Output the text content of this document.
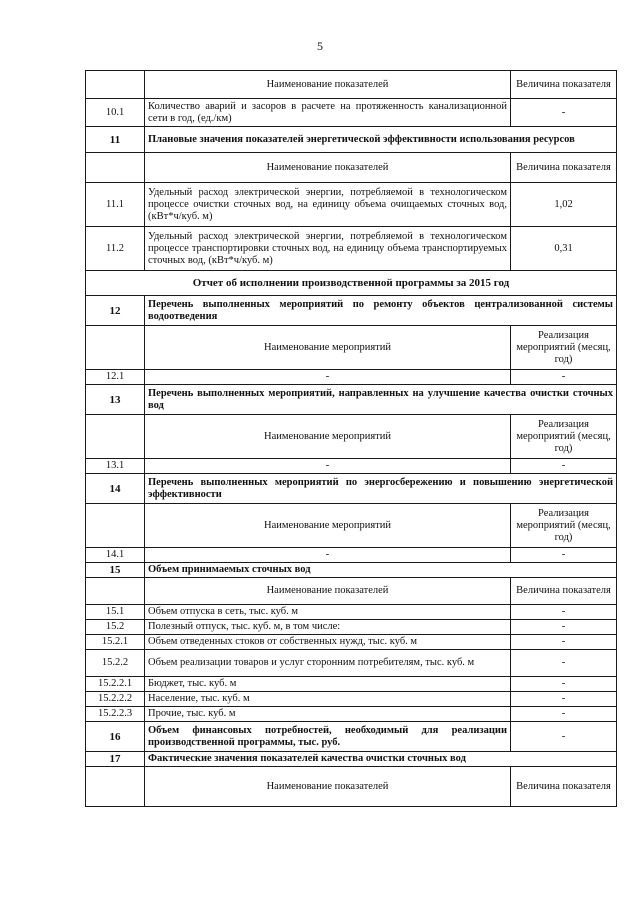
5
	Наименование показателей	Величина показателя
10.1	Количество аварий и засоров в расчете на протяженность канализационной сети в год, (ед./км)	-
11	Плановые значения показателей энергетической эффективности использования ресурсов	
	Наименование показателей	Величина показателя
11.1	Удельный расход электрической энергии, потребляемой в технологическом процессе очистки сточных вод, на единицу объема очищаемых сточных вод, (кВт*ч/куб. м)	1,02
11.2	Удельный расход электрической энергии, потребляемой в технологическом процессе транспортировки сточных вод, на единицу объема транспортируемых сточных вод, (кВт*ч/куб. м)	0,31
Отчет об исполнении производственной программы за 2015 год		
12	Перечень выполненных мероприятий по ремонту объектов централизованной системы водоотведения	
	Наименование мероприятий	Реализация мероприятий (месяц, год)
12.1	-	-
13	Перечень выполненных мероприятий, направленных на улучшение качества очистки сточных вод	
	Наименование мероприятий	Реализация мероприятий (месяц, год)
13.1	-	-
14	Перечень выполненных мероприятий по энергосбережению и повышению энергетической эффективности	
	Наименование мероприятий	Реализация мероприятий (месяц, год)
14.1	-	-
15	Объем принимаемых сточных вод	
	Наименование показателей	Величина показателя
15.1	Объем отпуска в сеть, тыс. куб. м	-
15.2	Полезный отпуск, тыс. куб. м, в том числе:	-
15.2.1	Объем отведенных стоков от собственных нужд, тыс. куб. м	-
15.2.2	Объем реализации товаров и услуг сторонним потребителям, тыс. куб. м	-
15.2.2.1	Бюджет, тыс. куб. м	-
15.2.2.2	Население, тыс. куб. м	-
15.2.2.3	Прочие, тыс. куб. м	-
16	Объем финансовых потребностей, необходимый для реализации производственной программы, тыс. руб.	-
17	Фактические значения показателей качества очистки сточных вод	
	Наименование показателей	Величина показателя
